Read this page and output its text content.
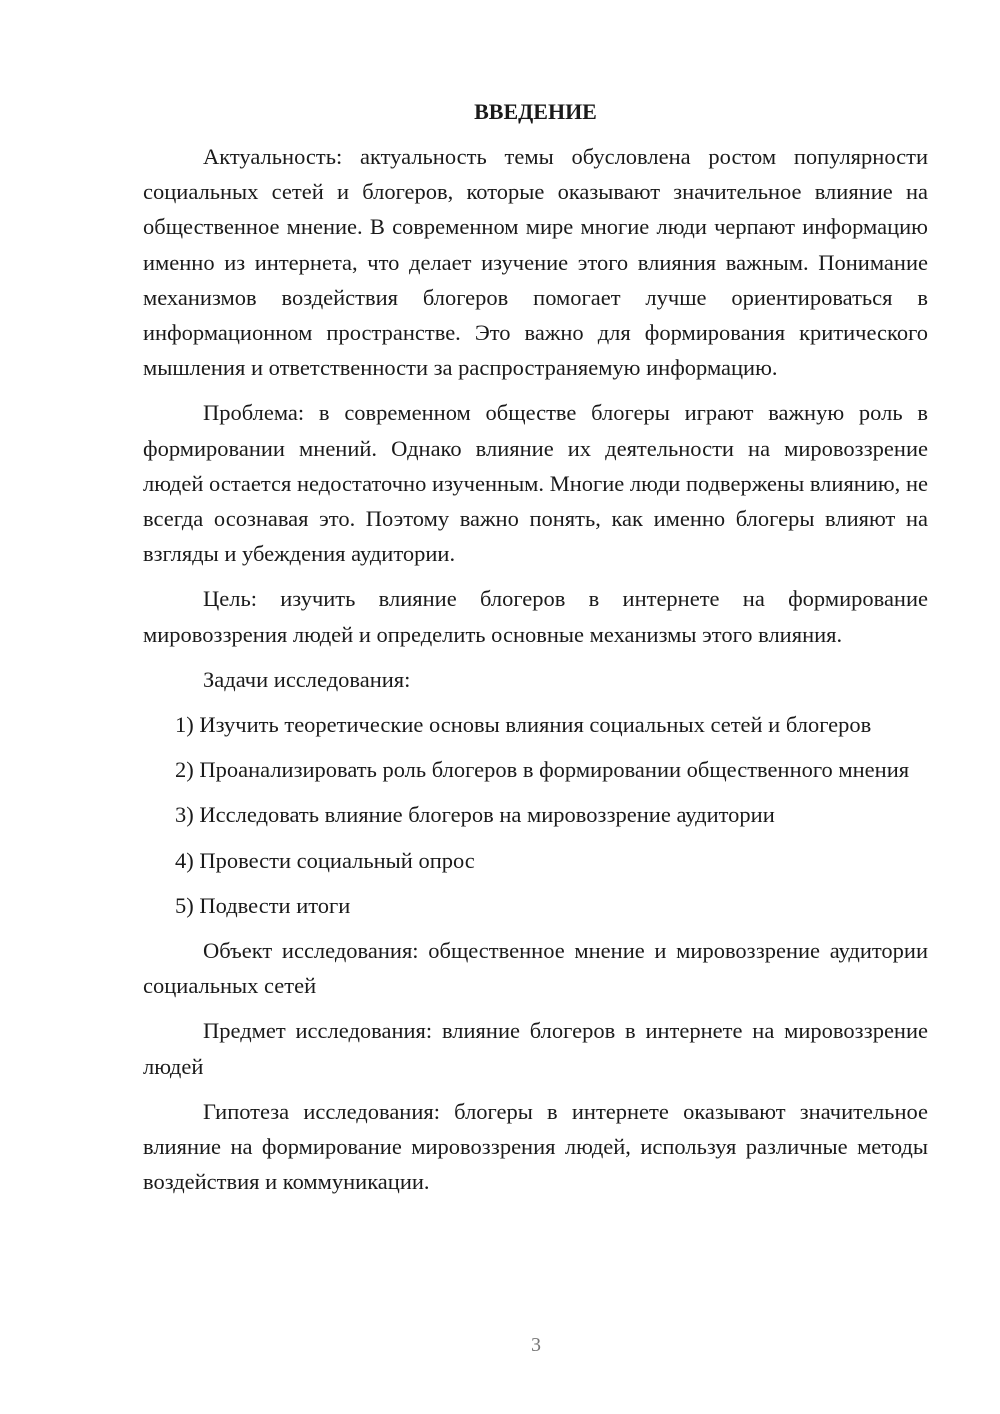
ВВЕДЕНИЕ

Актуальность: актуальность темы обусловлена ростом популярности социальных сетей и блогеров, которые оказывают значительное влияние на общественное мнение. В современном мире многие люди черпают информацию именно из интернета, что делает изучение этого влияния важным. Понимание механизмов воздействия блогеров помогает лучше ориентироваться в информационном пространстве. Это важно для формирования критического мышления и ответственности за распространяемую информацию.

Проблема: в современном обществе блогеры играют важную роль в формировании мнений. Однако влияние их деятельности на мировоззрение людей остается недостаточно изученным. Многие люди подвержены влиянию, не всегда осознавая это. Поэтому важно понять, как именно блогеры влияют на взгляды и убеждения аудитории.

Цель: изучить влияние блогеров в интернете на формирование мировоззрения людей и определить основные механизмы этого влияния.

Задачи исследования:

1) Изучить теоретические основы влияния социальных сетей и блогеров

2) Проанализировать роль блогеров в формировании общественного мнения

3) Исследовать влияние блогеров на мировоззрение аудитории

4) Провести социальный опрос

5) Подвести итоги

Объект исследования: общественное мнение и мировоззрение аудитории социальных сетей

Предмет исследования: влияние блогеров в интернете на мировоззрение людей

Гипотеза исследования: блогеры в интернете оказывают значительное влияние на формирование мировоззрения людей, используя различные методы воздействия и коммуникации.

3
